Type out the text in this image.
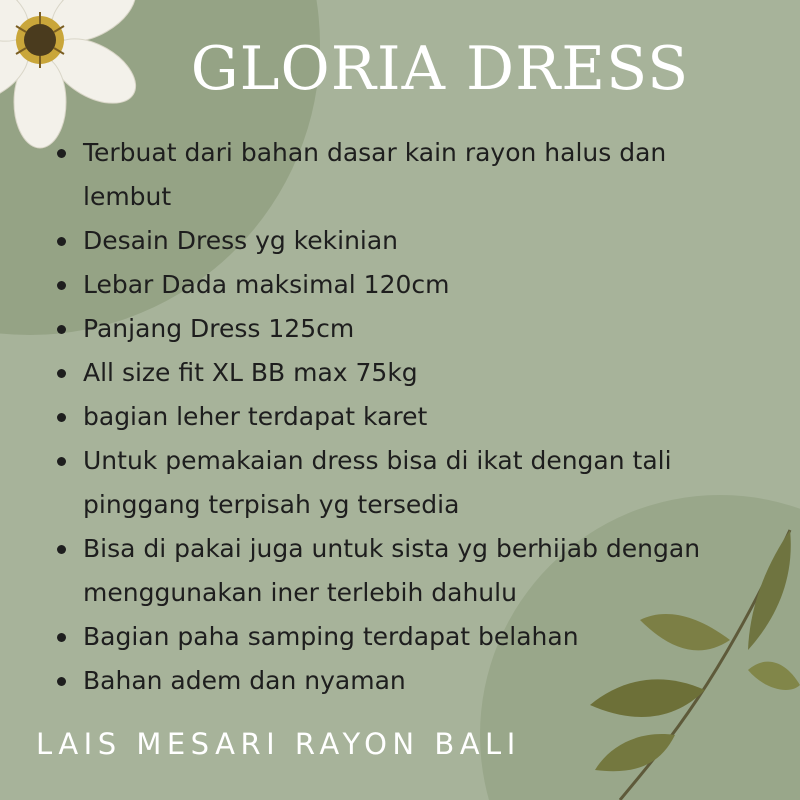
GLORIA DRESS
Terbuat dari bahan dasar kain rayon halus dan lembut
Desain Dress yg kekinian
Lebar Dada maksimal 120cm
Panjang Dress 125cm
All size fit XL BB max 75kg
bagian leher terdapat karet
Untuk pemakaian dress bisa di ikat dengan tali pinggang terpisah yg tersedia
Bisa di pakai juga untuk sista yg berhijab dengan menggunakan iner terlebih dahulu
Bagian paha samping terdapat belahan
Bahan adem dan nyaman

LAIS MESARI RAYON BALI
